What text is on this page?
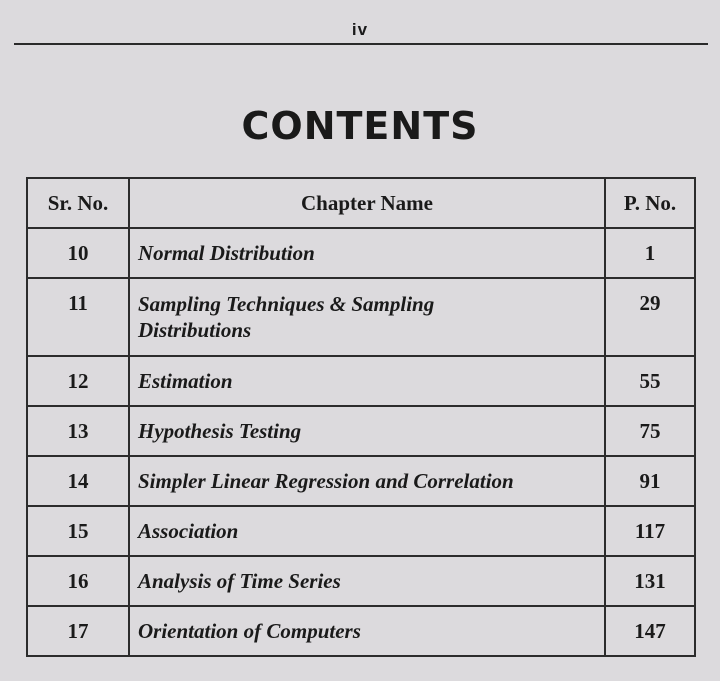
iv
CONTENTS
Sr. No.	Chapter Name	P. No.
10	Normal Distribution	1
11	Sampling Techniques & Sampling Distributions	29
12	Estimation	55
13	Hypothesis Testing	75
14	Simpler Linear Regression and Correlation	91
15	Association	117
16	Analysis of Time Series	131
17	Orientation of Computers	147
